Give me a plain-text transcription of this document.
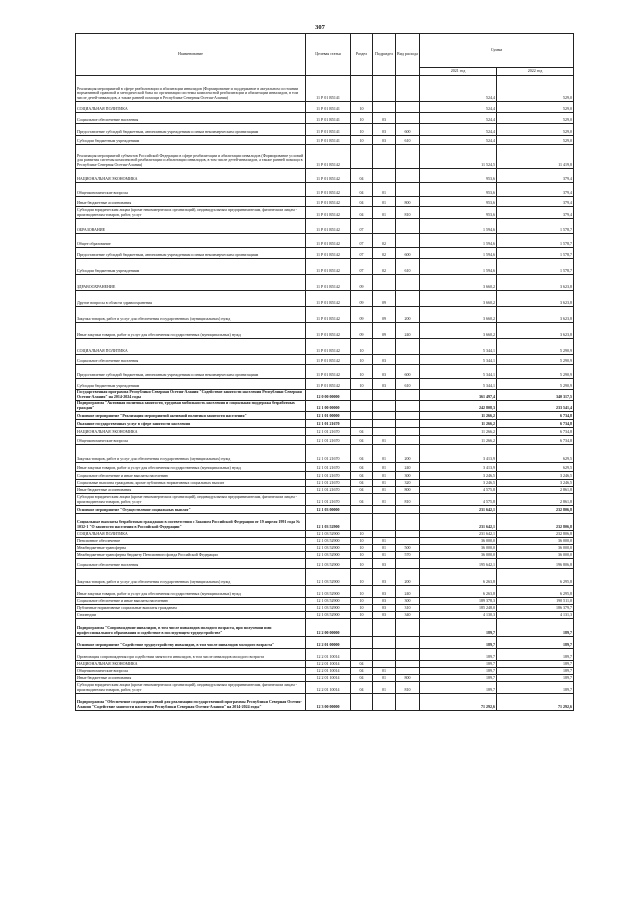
307
Наименование	Целевая статья	Раздел	Подраздел	Вид расхода	Сумма	
					2021 год	2022 год
Реализация мероприятий в сфере реабилитации и абилитации инвалидов (Формирование и поддержание в актуальном состоянии нормативной правовой и методической базы по организации системы комплексной реабилитации и абилитации инвалидов, в том числе детей-инвалидов, а также ранней помощи в Республике Северная Осетия-Алания)	11 Р 01 R5141				524,4	529,0
СОЦИАЛЬНАЯ ПОЛИТИКА	11 Р 01 R5141	10			524,4	529,0
Социальное обеспечение населения	11 Р 01 R5141	10	03		524,4	529,0
Предоставление субсидий бюджетным, автономным учреждениям и иным некоммерческим организациям	11 Р 01 R5141	10	03	600	524,4	529,0
Субсидии бюджетным учреждениям	11 Р 01 R5141	10	03	610	524,4	529,0
Реализация мероприятий субъектов Российской Федерации в сфере реабилитации и абилитации инвалидов (Формирование условий для развития системы комплексной реабилитации и абилитации инвалидов, в том числе детей-инвалидов, а также ранней помощи в Республике Северная Осетия-Алания)	11 Р 01 R5142				11 524,5	11 419,8
НАЦИОНАЛЬНАЯ ЭКОНОМИКА	11 Р 01 R5142	04			953,6	379,4
Общеэкономические вопросы	11 Р 01 R5142	04	01		953,6	379,4
Иные бюджетные ассигнования	11 Р 01 R5142	04	01	800	953,6	379,4
Субсидии юридическим лицам (кроме некоммерческих организаций), индивидуальным предпринимателям, физическим лицам - производителям товаров, работ, услуг	11 Р 01 R5142	04	01	810	953,6	379,4
ОБРАЗОВАНИЕ	11 Р 01 R5142	07			1 594,6	1 578,7
Общее образование	11 Р 01 R5142	07	02		1 594,6	1 578,7
Предоставление субсидий бюджетным, автономным учреждениям и иным некоммерческим организациям	11 Р 01 R5142	07	02	600	1 594,6	1 578,7
Субсидии бюджетным учреждениям	11 Р 01 R5142	07	02	610	1 594,6	1 578,7
ЗДРАВООХРАНЕНИЕ	11 Р 01 R5142	09			3 660,2	3 623,8
Другие вопросы в области здравоохранения	11 Р 01 R5142	09	09		3 660,2	3 623,8
Закупка товаров, работ и услуг для обеспечения государственных (муниципальных) нужд	11 Р 01 R5142	09	09	200	3 660,2	3 623,8
Иные закупки товаров, работ и услуг для обеспечения государственных (муниципальных) нужд	11 Р 01 R5142	09	09	240	3 660,2	3 623,8
СОЦИАЛЬНАЯ ПОЛИТИКА	11 Р 01 R5142	10			5 344,1	5 290,9
Социальное обеспечение населения	11 Р 01 R5142	10	03		5 344,1	5 290,9
Предоставление субсидий бюджетным, автономным учреждениям и иным некоммерческим организациям	11 Р 01 R5142	10	03	600	5 344,1	5 290,9
Субсидии бюджетным учреждениям	11 Р 01 R5142	10	03	610	5 344,1	5 290,9
Государственная программа Республики Северная Осетия-Алания "Содействие занятости населения Республики Северная Осетия-Алания" на 2014-2024 годы	12 0 00 00000				361 497,4	340 317,5
Подпрограмма "Активная политика занятости, трудовая мобильность населения и социальная поддержка безработных граждан"	12 1 00 00000				242 808,3	233 541,4
Основное мероприятие "Реализация мероприятий активной политики занятости населения"	12 1 01 00000				11 266,2	6 734,8
Оказание государственных услуг в сфере занятости населения	12 1 01 21670				11 266,2	6 734,8
НАЦИОНАЛЬНАЯ ЭКОНОМИКА	12 1 01 21670	04			11 266,2	6 734,8
Общеэкономические вопросы	12 1 01 21670	04	01		11 266,2	6 734,8
Закупка товаров, работ и услуг для обеспечения государственных (муниципальных) нужд	12 1 01 21670	04	01	200	3 413,9	629,5
Иные закупки товаров, работ и услуг для обеспечения государственных (муниципальных) нужд	12 1 01 21670	04	01	240	3 413,9	629,5
Социальное обеспечение и иные выплаты населению	12 1 01 21670	04	01	300	3 246,5	3 246,5
Социальные выплаты гражданам, кроме публичных нормативных социальных выплат	12 1 01 21670	04	01	320	3 246,5	3 246,5
Иные бюджетные ассигнования	12 1 01 21670	04	01	800	4 575,8	2 861,8
Субсидии юридическим лицам (кроме некоммерческих организаций), индивидуальным предпринимателям, физическим лицам - производителям товаров, работ, услуг	12 1 01 21670	04	01	810	4 575,8	2 861,8
Основное мероприятие "Осуществление социальных выплат"	12 1 03 00000				231 642,1	232 806,8
Социальные выплаты безработным гражданам в соответствии с Законом Российской Федерации от 19 апреля 1991 года № 1032-1 "О занятости населения в Российской Федерации"	12 1 03 52900				231 642,1	232 806,8
СОЦИАЛЬНАЯ ПОЛИТИКА	12 1 03 52900	10			231 642,1	232 806,8
Пенсионное обеспечение	12 1 03 52900	10	01		36 000,0	36 000,0
Межбюджетные трансферты	12 1 03 52900	10	01	500	36 000,0	36 000,0
Межбюджетные трансферты бюджету Пенсионного фонда Российской Федерации	12 1 03 52900	10	01	570	36 000,0	36 000,0
Социальное обеспечение населения	12 1 03 52900	10	03		195 642,1	196 806,8
Закупка товаров, работ и услуг для обеспечения государственных (муниципальных) нужд	12 1 03 52900	10	03	200	6 263,8	6 295,8
Иные закупки товаров, работ и услуг для обеспечения государственных (муниципальных) нужд	12 1 03 52900	10	03	240	6 263,8	6 295,8
Социальное обеспечение и иные выплаты населению	12 1 03 52900	10	03	300	189 378,3	190 511,0
Публичные нормативные социальные выплаты гражданам	12 1 03 52900	10	03	310	185 248,0	186 379,7
Стипендии	12 1 03 52900	10	03	340	4 130,3	4 131,3
Подпрограмма "Сопровождение инвалидов, в том числе инвалидов молодого возраста, при получении ими профессионального образования и содействие в последующем трудоустройстве"	12 2 00 00000				189,7	189,7
Основное мероприятие "Содействие трудоустройству инвалидов, в том числе инвалидов молодого возраста"	12 2 01 00000				189,7	189,7
Организация сопровождения при содействии занятости инвалидов, в том числе инвалидов молодого возраста	12 2 01 10014				189,7	189,7
НАЦИОНАЛЬНАЯ ЭКОНОМИКА	12 2 01 10014	04			189,7	189,7
Общеэкономические вопросы	12 2 01 10014	04	01		189,7	189,7
Иные бюджетные ассигнования	12 2 01 10014	04	01	800	189,7	189,7
Субсидии юридическим лицам (кроме некоммерческих организаций), индивидуальным предпринимателям, физическим лицам - производителям товаров, работ, услуг	12 2 01 10014	04	01	810	189,7	189,7
Подпрограмма "Обеспечение создания условий для реализации государственной программы Республики Северная Осетия-Алания "Содействие занятости населения Республики Северная Осетия-Алания" на 2014-2024 годы"	12 3 00 00000				71 292,6	71 292,6
